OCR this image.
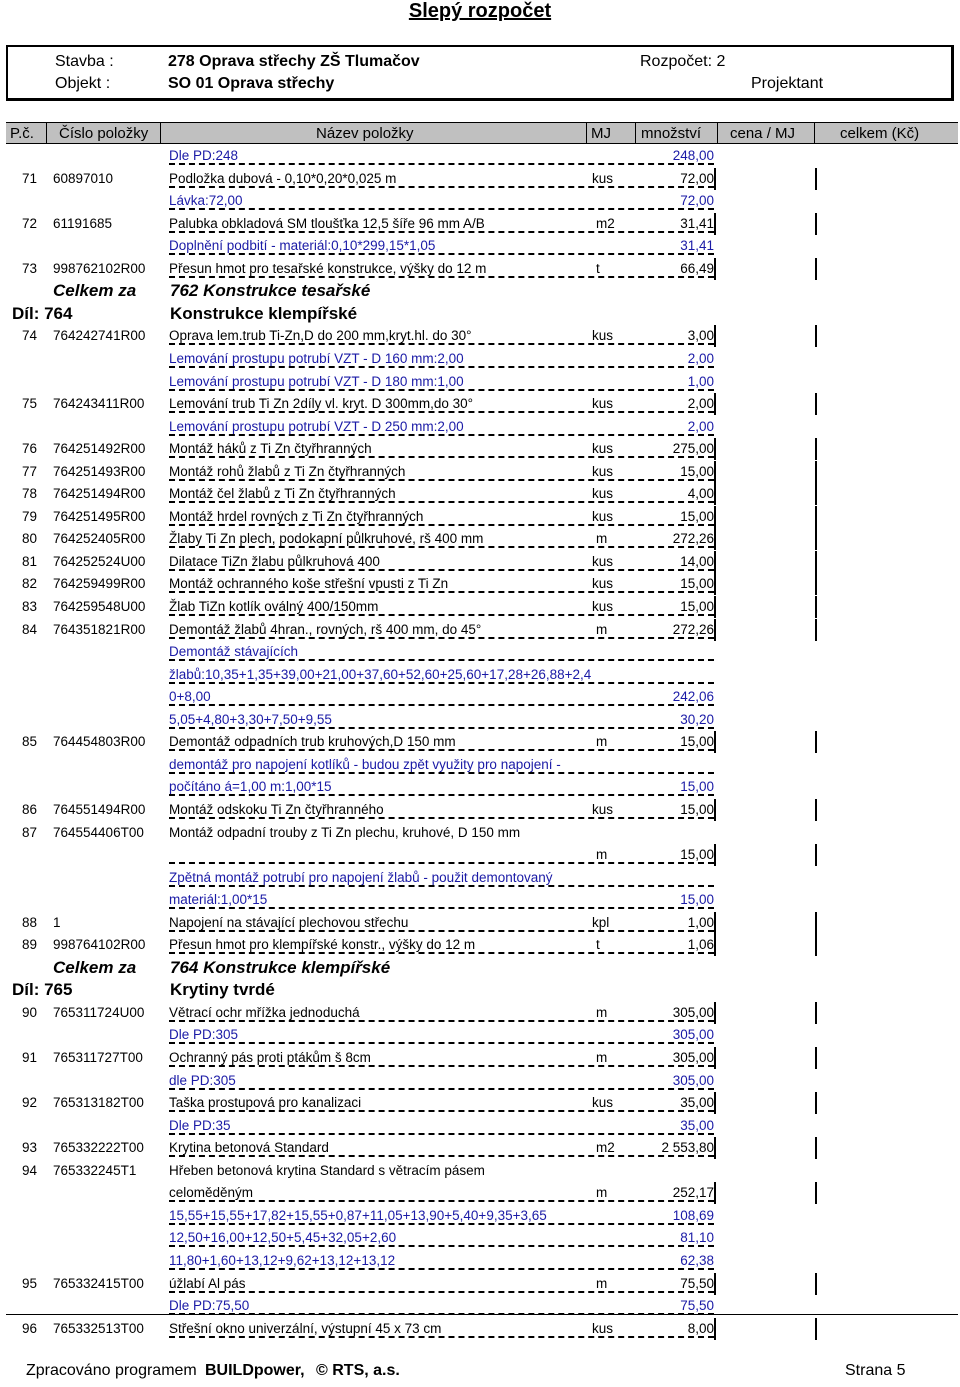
Slepý rozpočet
Stavba :	278 Oprava střechy ZŠ Tlumačov
Objekt :	SO 01 Oprava střechy
Rozpočet: 2
Projektant
P.č. Číslo položky	Název položky	MJ množství cena / MJ	celkem (Kč)
Dle PD:248	248,00
71 60897010	Podložka dubová - 0,10*0,20*0,025 m	kus	72,00
Lávka:72,00	72,00
72 61191685	Palubka obkladová SM tloušťka 12,5 šíře 96 mm A/B	m2	31,41
Doplnění podbití - materiál:0,10*299,15*1,05	31,41
73 998762102R00 Přesun hmot pro tesařské konstrukce, výšky do 12 m	t	66,49
Celkem za 762 Konstrukce tesařské
Díl: 764	Konstrukce klempířské
74 764242741R00 Oprava lem.trub Ti-Zn,D do 200 mm,kryt.hl. do 30°	kus	3,00
Lemování prostupu potrubí VZT - D 160 mm:2,00	2,00
Lemování prostupu potrubí VZT - D 180 mm:1,00	1,00
75 764243411R00 Lemování trub Ti Zn 2díly vl. kryt. D 300mm,do 30°	kus	2,00
Lemování prostupu potrubí VZT - D 250 mm:2,00	2,00
76 764251492R00 Montáž háků z Ti Zn čtyřhranných	kus	275,00
77 764251493R00 Montáž rohů žlabů z Ti Zn čtyřhranných	kus	15,00
78 764251494R00 Montáž čel žlabů z Ti Zn čtyřhranných	kus	4,00
79 764251495R00 Montáž hrdel rovných z Ti Zn čtyřhranných	kus	15,00
80 764252405R00 Žlaby Ti Zn plech, podokapní půlkruhové, rš 400 mm	m	272,26
81 764252524U00 Dilatace TiZn žlabu půlkruhová 400	kus	14,00
82 764259499R00 Montáž ochranného koše střešní vpusti z Ti Zn	kus	15,00
83 764259548U00 Žlab TiZn kotlík oválný 400/150mm	kus	15,00
84 764351821R00 Demontáž žlabů 4hran., rovných, rš 400 mm, do 45°	m	272,26
Demontáž stávajících
žlabů:10,35+1,35+39,00+21,00+37,60+52,60+25,60+17,28+26,88+2,4
0+8,00	242,06
5,05+4,80+3,30+7,50+9,55	30,20
85 764454803R00 Demontáž odpadních trub kruhových,D 150 mm	m	15,00
demontáž pro napojení kotlíků - budou zpět využity pro napojení -
počítáno á=1,00 m:1,00*15	15,00
86 764551494R00 Montáž odskoku Ti Zn čtyřhranného	kus	15,00
87 764554406T00 Montáž odpadní trouby z Ti Zn plechu, kruhové, D 150 mm
m	15,00
Zpětná montáž potrubí pro napojení žlabů - použit demontovaný
materiál:1,00*15	15,00
88 1	Napojení na stávající plechovou střechu	kpl	1,00
89 998764102R00 Přesun hmot pro klempířské konstr., výšky do 12 m	t	1,06
Celkem za 764 Konstrukce klempířské
Díl: 765	Krytiny tvrdé
90 765311724U00 Větrací ochr mřížka jednoduchá	m	305,00
Dle PD:305	305,00
91 765311727T00 Ochranný pás proti ptákům š 8cm	m	305,00
dle PD:305	305,00
92 765313182T00 Taška prostupová pro kanalizaci	kus	35,00
Dle PD:35	35,00
93 765332222T00 Krytina betonová Standard	m2	2 553,80
94 765332245T1 Hřeben betonová krytina Standard s větracím pásem
celoměděným	m	252,17
15,55+15,55+17,82+15,55+0,87+11,05+13,90+5,40+9,35+3,65	108,69
12,50+16,00+12,50+5,45+32,05+2,60	81,10
11,80+1,60+13,12+9,62+13,12+13,12	62,38
95 765332415T00 úžlabí Al pás	m	75,50
Dle PD:75,50	75,50
96 765332513T00 Střešní okno univerzální, výstupní 45 x 73 cm	kus	8,00
Zpracováno programem BUILDpower, © RTS, a.s.	Strana 5
